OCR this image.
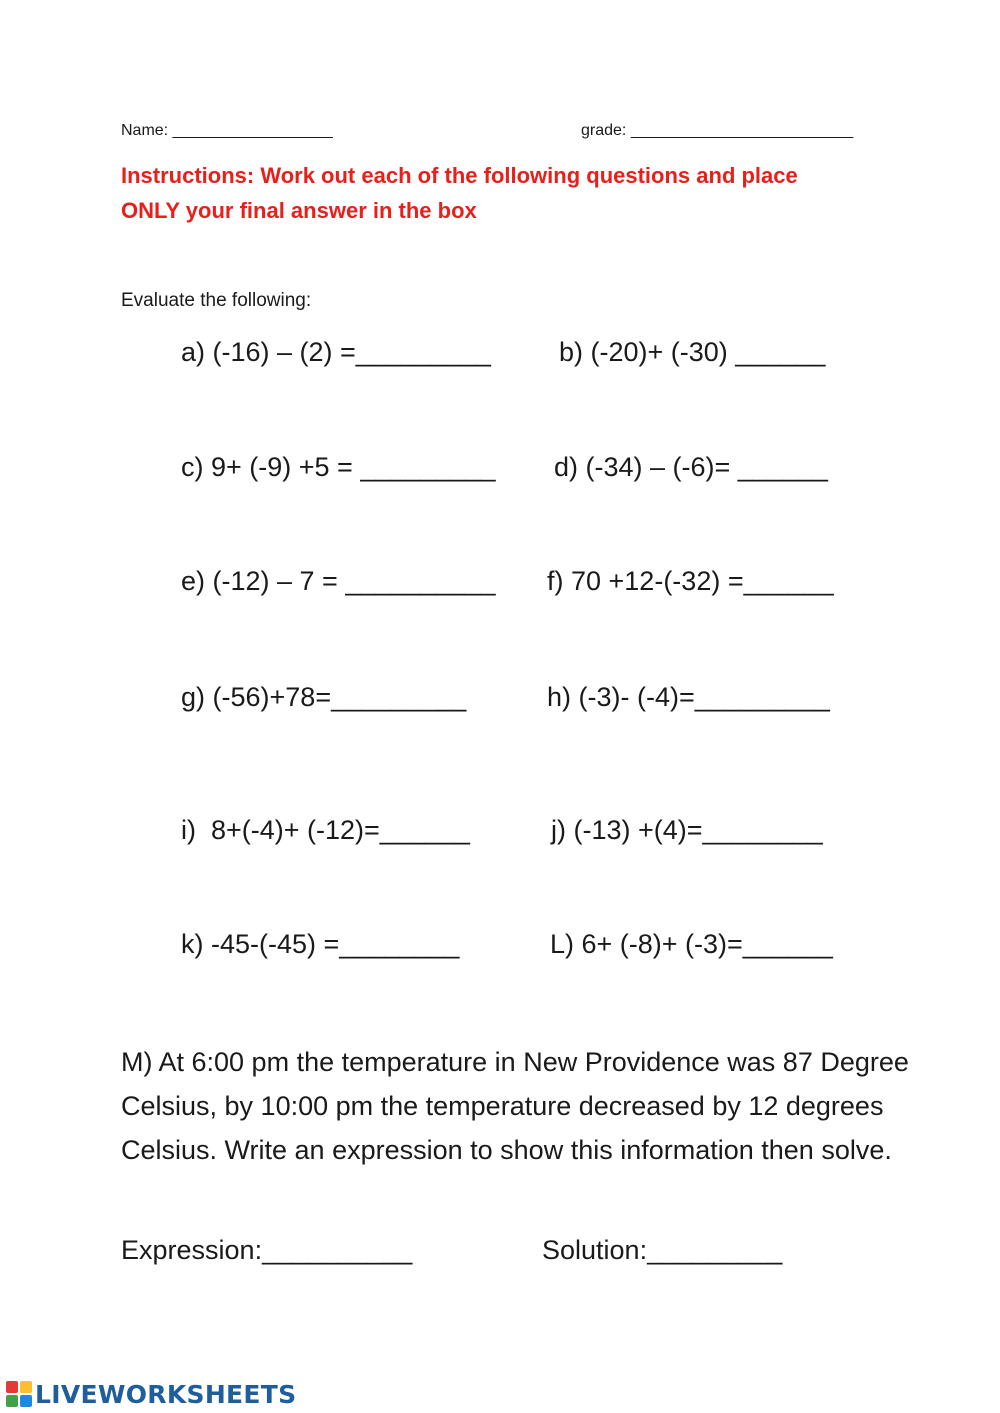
Name: __________________	grade: _________________________
Instructions: Work out each of the following questions and place
ONLY your final answer in the box
Evaluate the following:
a) (-16) – (2) =_________	b) (-20)+ (-30) ______
c) 9+ (-9) +5 = _________ d) (-34) – (-6)= ______
e) (-12) – 7 = __________ f) 70 +12-(-32) =______
g) (-56)+78=_________	h) (-3)- (-4)=_________
i)  8+(-4)+ (-12)=______	j) (-13) +(4)=________
k) -45-(-45) =________	L) 6+ (-8)+ (-3)=______
M) At 6:00 pm the temperature in New Providence was 87 Degree Celsius, by 10:00 pm the temperature decreased by 12 degrees Celsius. Write an expression to show this information then solve.
Expression:__________	Solution:_________
LIVEWORKSHEETS
